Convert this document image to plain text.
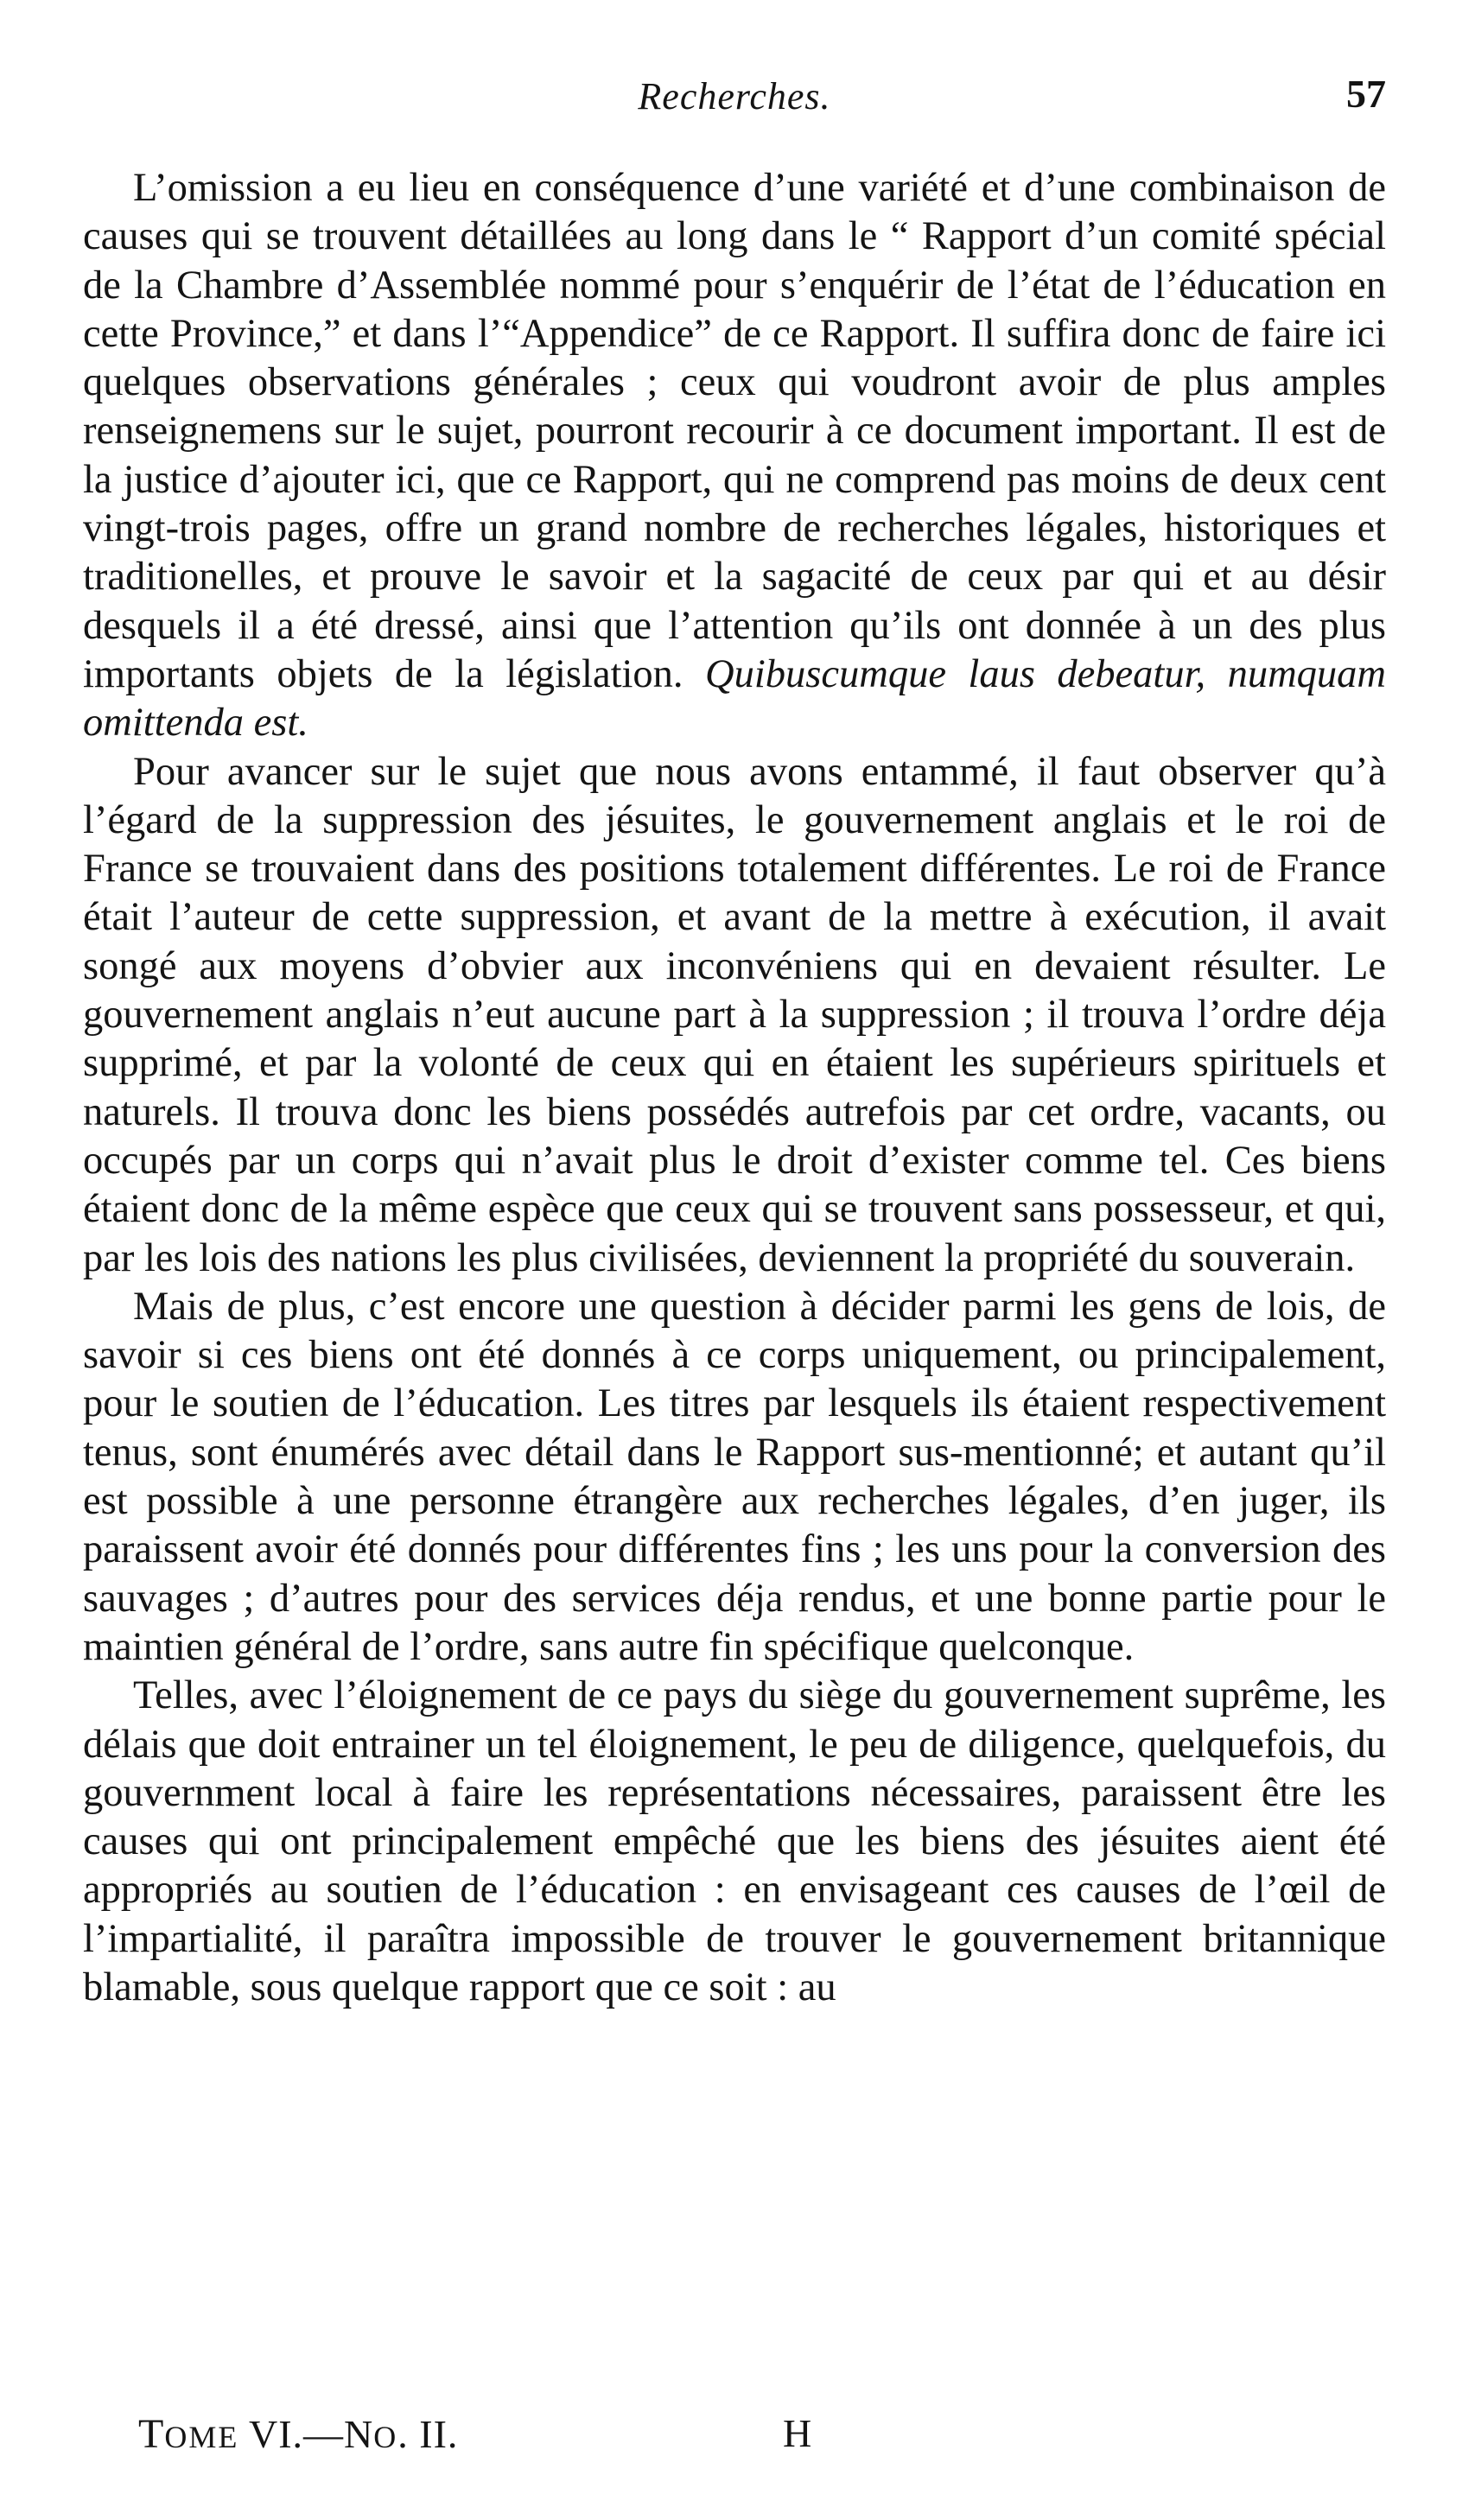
Recherches.	57

L’omission a eu lieu en conséquence d’une variété et d’une combinaison de causes qui se trouvent détaillées au long dans le “ Rapport d’un comité spécial de la Chambre d’Assemblée nommé pour s’enquérir de l’état de l’éducation en cette Province,” et dans l’“Appendice” de ce Rapport. Il suffira donc de faire ici quelques observations générales ; ceux qui voudront avoir de plus amples renseignemens sur le sujet, pourront recourir à ce document important. Il est de la justice d’ajouter ici, que ce Rapport, qui ne comprend pas moins de deux cent vingt-trois pages, offre un grand nombre de recherches légales, historiques et traditionelles, et prouve le savoir et la sagacité de ceux par qui et au désir desquels il a été dressé, ainsi que l’attention qu’ils ont donnée à un des plus importants objets de la législation. Quibuscumque laus debeatur, numquam omittenda est.

Pour avancer sur le sujet que nous avons entammé, il faut observer qu’à l’égard de la suppression des jésuites, le gouvernement anglais et le roi de France se trouvaient dans des positions totalement différentes. Le roi de France était l’auteur de cette suppression, et avant de la mettre à exécution, il avait songé aux moyens d’obvier aux inconvéniens qui en devaient résulter. Le gouvernement anglais n’eut aucune part à la suppression ; il trouva l’ordre déja supprimé, et par la volonté de ceux qui en étaient les supérieurs spirituels et naturels. Il trouva donc les biens possédés autrefois par cet ordre, vacants, ou occupés par un corps qui n’avait plus le droit d’exister comme tel. Ces biens étaient donc de la même espèce que ceux qui se trouvent sans possesseur, et qui, par les lois des nations les plus civilisées, deviennent la propriété du souverain.

Mais de plus, c’est encore une question à décider parmi les gens de lois, de savoir si ces biens ont été donnés à ce corps uniquement, ou principalement, pour le soutien de l’éducation. Les titres par lesquels ils étaient respectivement tenus, sont énumérés avec détail dans le Rapport sus-mentionné; et autant qu’il est possible à une personne étrangère aux recherches légales, d’en juger, ils paraissent avoir été donnés pour différentes fins ; les uns pour la conversion des sauvages ; d’autres pour des services déja rendus, et une bonne partie pour le maintien général de l’ordre, sans autre fin spécifique quelconque.

Telles, avec l’éloignement de ce pays du siège du gouvernement suprême, les délais que doit entrainer un tel éloignement, le peu de diligence, quelquefois, du gouvernment local à faire les représentations nécessaires, paraissent être les causes qui ont principalement empêché que les biens des jésuites aient été appropriés au soutien de l’éducation : en envisageant ces causes de l’œil de l’impartialité, il paraîtra impossible de trouver le gouvernement britannique blamable, sous quelque rapport que ce soit : au

TOME VI.—NO. II.	H
